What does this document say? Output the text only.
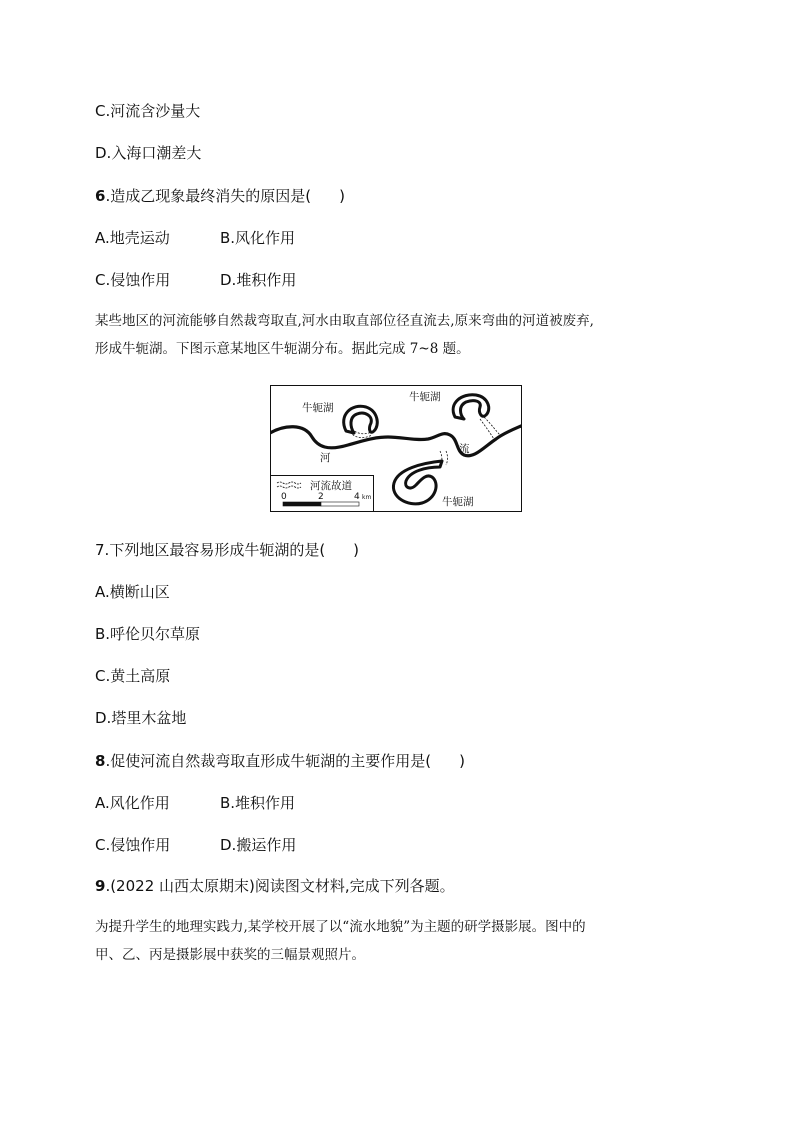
C.河流含沙量大
D.入海口潮差大
6.造成乙现象最终消失的原因是( )
A.地壳运动	B.风化作用
C.侵蚀作用	D.堆积作用
某些地区的河流能够自然裁弯取直,河水由取直部位径直流去,原来弯曲的河道被废弃,
形成牛轭湖。下图示意某地区牛轭湖分布。据此完成 7~8 题。
牛轭湖
牛轭湖
牛轭湖
河
流
河流故道
0	2	4 km
7.下列地区最容易形成牛轭湖的是( )
A.横断山区
B.呼伦贝尔草原
C.黄土高原
D.塔里木盆地
8.促使河流自然裁弯取直形成牛轭湖的主要作用是( )
A.风化作用	B.堆积作用
C.侵蚀作用	D.搬运作用
9.(2022 山西太原期末)阅读图文材料,完成下列各题。
为提升学生的地理实践力,某学校开展了以“流水地貌”为主题的研学摄影展。图中的
甲、乙、丙是摄影展中获奖的三幅景观照片。
